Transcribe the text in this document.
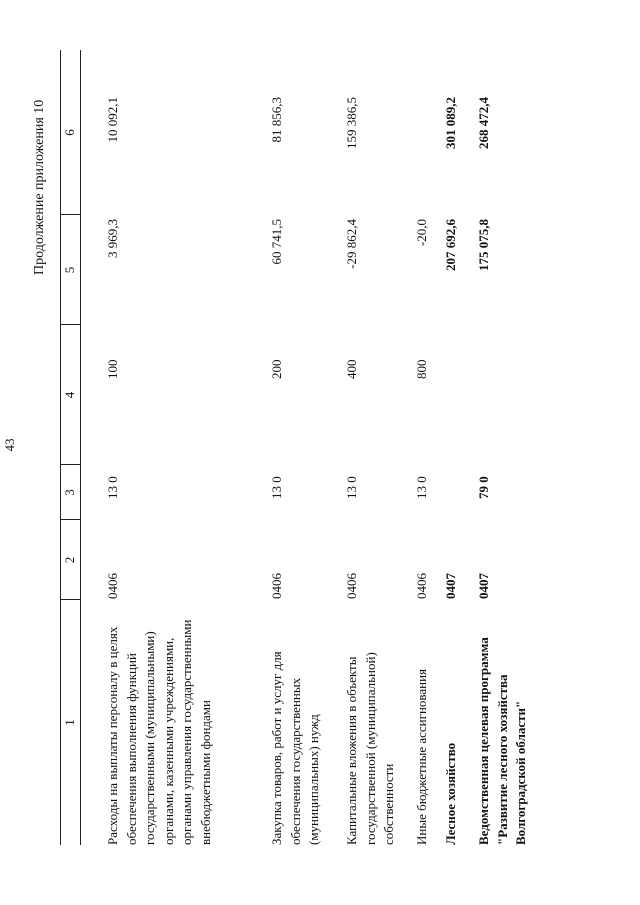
43
Продолжение приложения 10
1
2
3
4
5
6
Расходы на выплаты персоналу в целях обеспечения выполнения функций государственными (муниципальными) органами, казенными учреждениями, органами управления государственными внебюджетными фондами
0406
13 0
100
3 969,3
10 092,1
Закупка товаров, работ и услуг для обеспечения государственных (муниципальных) нужд
0406
13 0
200
60 741,5
81 856,3
Капитальные вложения в объекты государственной (муниципальной) собственности
0406
13 0
400
-29 862,4
159 386,5
Иные бюджетные ассигнования
0406
13 0
800
-20,0
Лесное хозяйство
0407
207 692,6
301 089,2
Ведомственная целевая программа "Развитие лесного хозяйства Волгоградской области"
0407
79 0
175 075,8
268 472,4
